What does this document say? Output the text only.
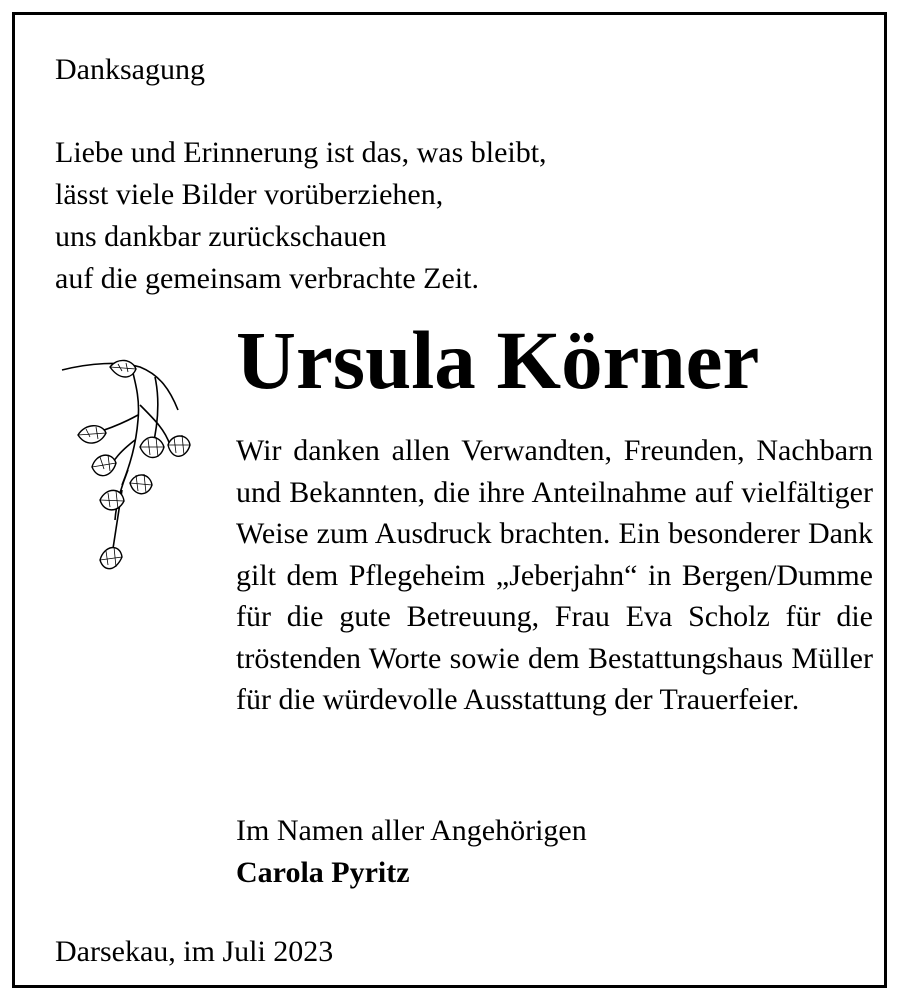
Danksagung
Liebe und Erinnerung ist das, was bleibt,
lässt viele Bilder vorüberziehen,
uns dankbar zurückschauen
auf die gemeinsam verbrachte Zeit.
Ursula Körner
Wir danken allen Verwandten, Freunden, Nachbarn und Bekannten, die ihre Anteilnahme auf vielfältiger Weise zum Ausdruck brachten. Ein besonderer Dank gilt dem Pflegeheim „Jeberjahn“ in Bergen/Dumme für die gute Betreuung, Frau Eva Scholz für die tröstenden Worte sowie dem Bestattungshaus Müller für die würdevolle Ausstattung der Trauerfeier.
Im Namen aller Angehörigen
Carola Pyritz
Darsekau, im Juli 2023
